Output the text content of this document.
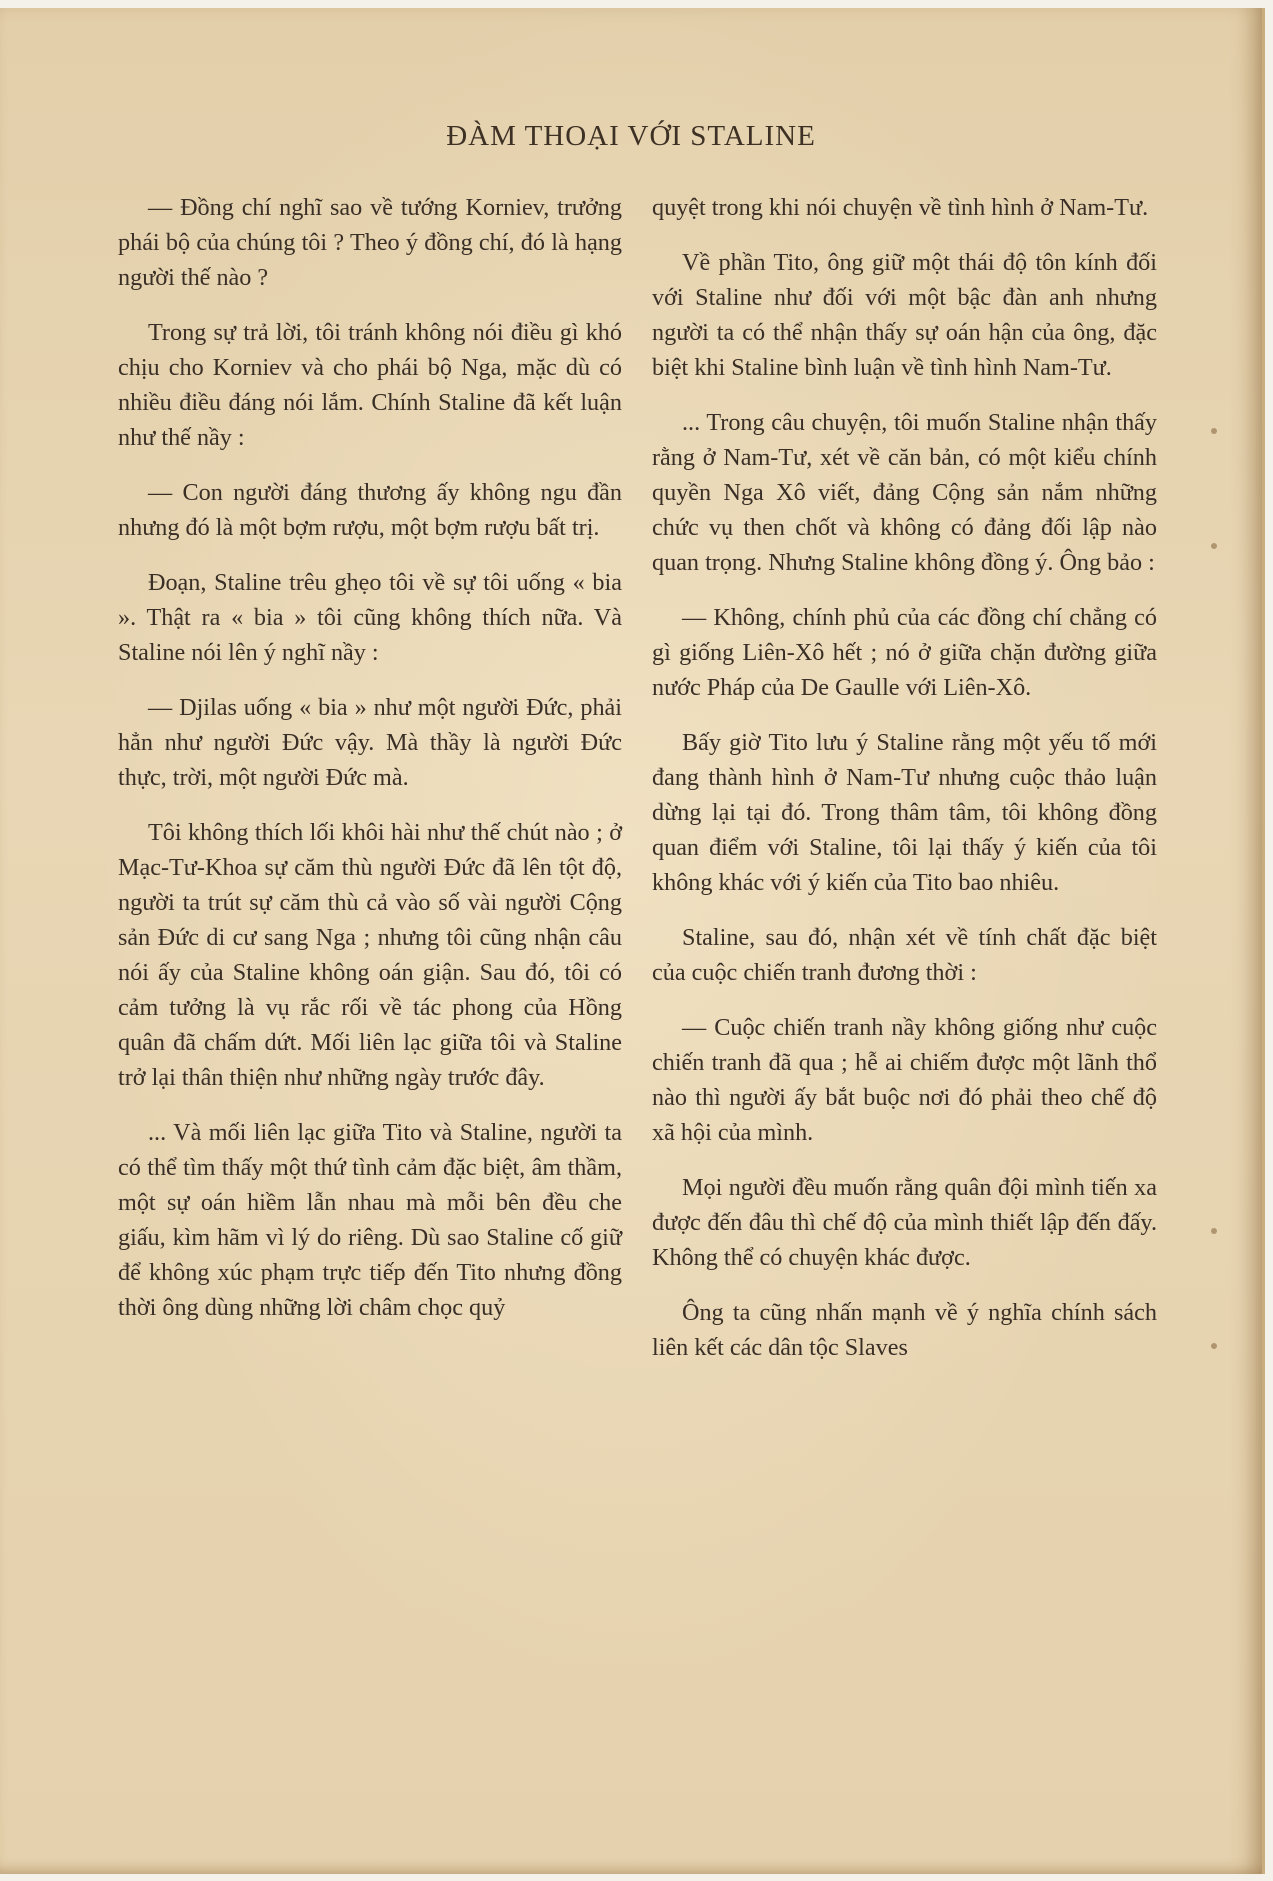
ĐÀM THOẠI VỚI STALINE

— Đồng chí nghĩ sao về tướng Korniev, trưởng phái bộ của chúng tôi ? Theo ý đồng chí, đó là hạng người thế nào ?

Trong sự trả lời, tôi tránh không nói điều gì khó chịu cho Korniev và cho phái bộ Nga, mặc dù có nhiều điều đáng nói lắm. Chính Staline đã kết luận như thế nầy :

— Con người đáng thương ấy không ngu đần nhưng đó là một bợm rượu, một bợm rượu bất trị.

Đoạn, Staline trêu ghẹo tôi về sự tôi uống « bia ». Thật ra « bia » tôi cũng không thích nữa. Và Staline nói lên ý nghĩ nầy :

— Djilas uống « bia » như một người Đức, phải hẳn như người Đức vậy. Mà thầy là người Đức thực, trời, một người Đức mà.

Tôi không thích lối khôi hài như thế chút nào ; ở Mạc-Tư-Khoa sự căm thù người Đức đã lên tột độ, người ta trút sự căm thù cả vào số vài người Cộng sản Đức di cư sang Nga ; nhưng tôi cũng nhận câu nói ấy của Staline không oán giận. Sau đó, tôi có cảm tưởng là vụ rắc rối về tác phong của Hồng quân đã chấm dứt. Mối liên lạc giữa tôi và Staline trở lại thân thiện như những ngày trước đây.

... Và mối liên lạc giữa Tito và Staline, người ta có thể tìm thấy một thứ tình cảm đặc biệt, âm thầm, một sự oán hiềm lẫn nhau mà mỗi bên đều che giấu, kìm hãm vì lý do riêng. Dù sao Staline cố giữ để không xúc phạm trực tiếp đến Tito nhưng đồng thời ông dùng những lời châm chọc quỷ

quyệt trong khi nói chuyện về tình hình ở Nam-Tư.

Về phần Tito, ông giữ một thái độ tôn kính đối với Staline như đối với một bậc đàn anh nhưng người ta có thể nhận thấy sự oán hận của ông, đặc biệt khi Staline bình luận về tình hình Nam-Tư.

... Trong câu chuyện, tôi muốn Staline nhận thấy rằng ở Nam-Tư, xét về căn bản, có một kiểu chính quyền Nga Xô viết, đảng Cộng sản nắm những chức vụ then chốt và không có đảng đối lập nào quan trọng. Nhưng Staline không đồng ý. Ông bảo :

— Không, chính phủ của các đồng chí chẳng có gì giống Liên-Xô hết ; nó ở giữa chặn đường giữa nước Pháp của De Gaulle với Liên-Xô.

Bấy giờ Tito lưu ý Staline rằng một yếu tố mới đang thành hình ở Nam-Tư nhưng cuộc thảo luận dừng lại tại đó. Trong thâm tâm, tôi không đồng quan điểm với Staline, tôi lại thấy ý kiến của tôi không khác với ý kiến của Tito bao nhiêu.

Staline, sau đó, nhận xét về tính chất đặc biệt của cuộc chiến tranh đương thời :

— Cuộc chiến tranh nầy không giống như cuộc chiến tranh đã qua ; hễ ai chiếm được một lãnh thổ nào thì người ấy bắt buộc nơi đó phải theo chế độ xã hội của mình.

Mọi người đều muốn rằng quân đội mình tiến xa được đến đâu thì chế độ của mình thiết lập đến đấy. Không thể có chuyện khác được.

Ông ta cũng nhấn mạnh về ý nghĩa chính sách liên kết các dân tộc Slaves
